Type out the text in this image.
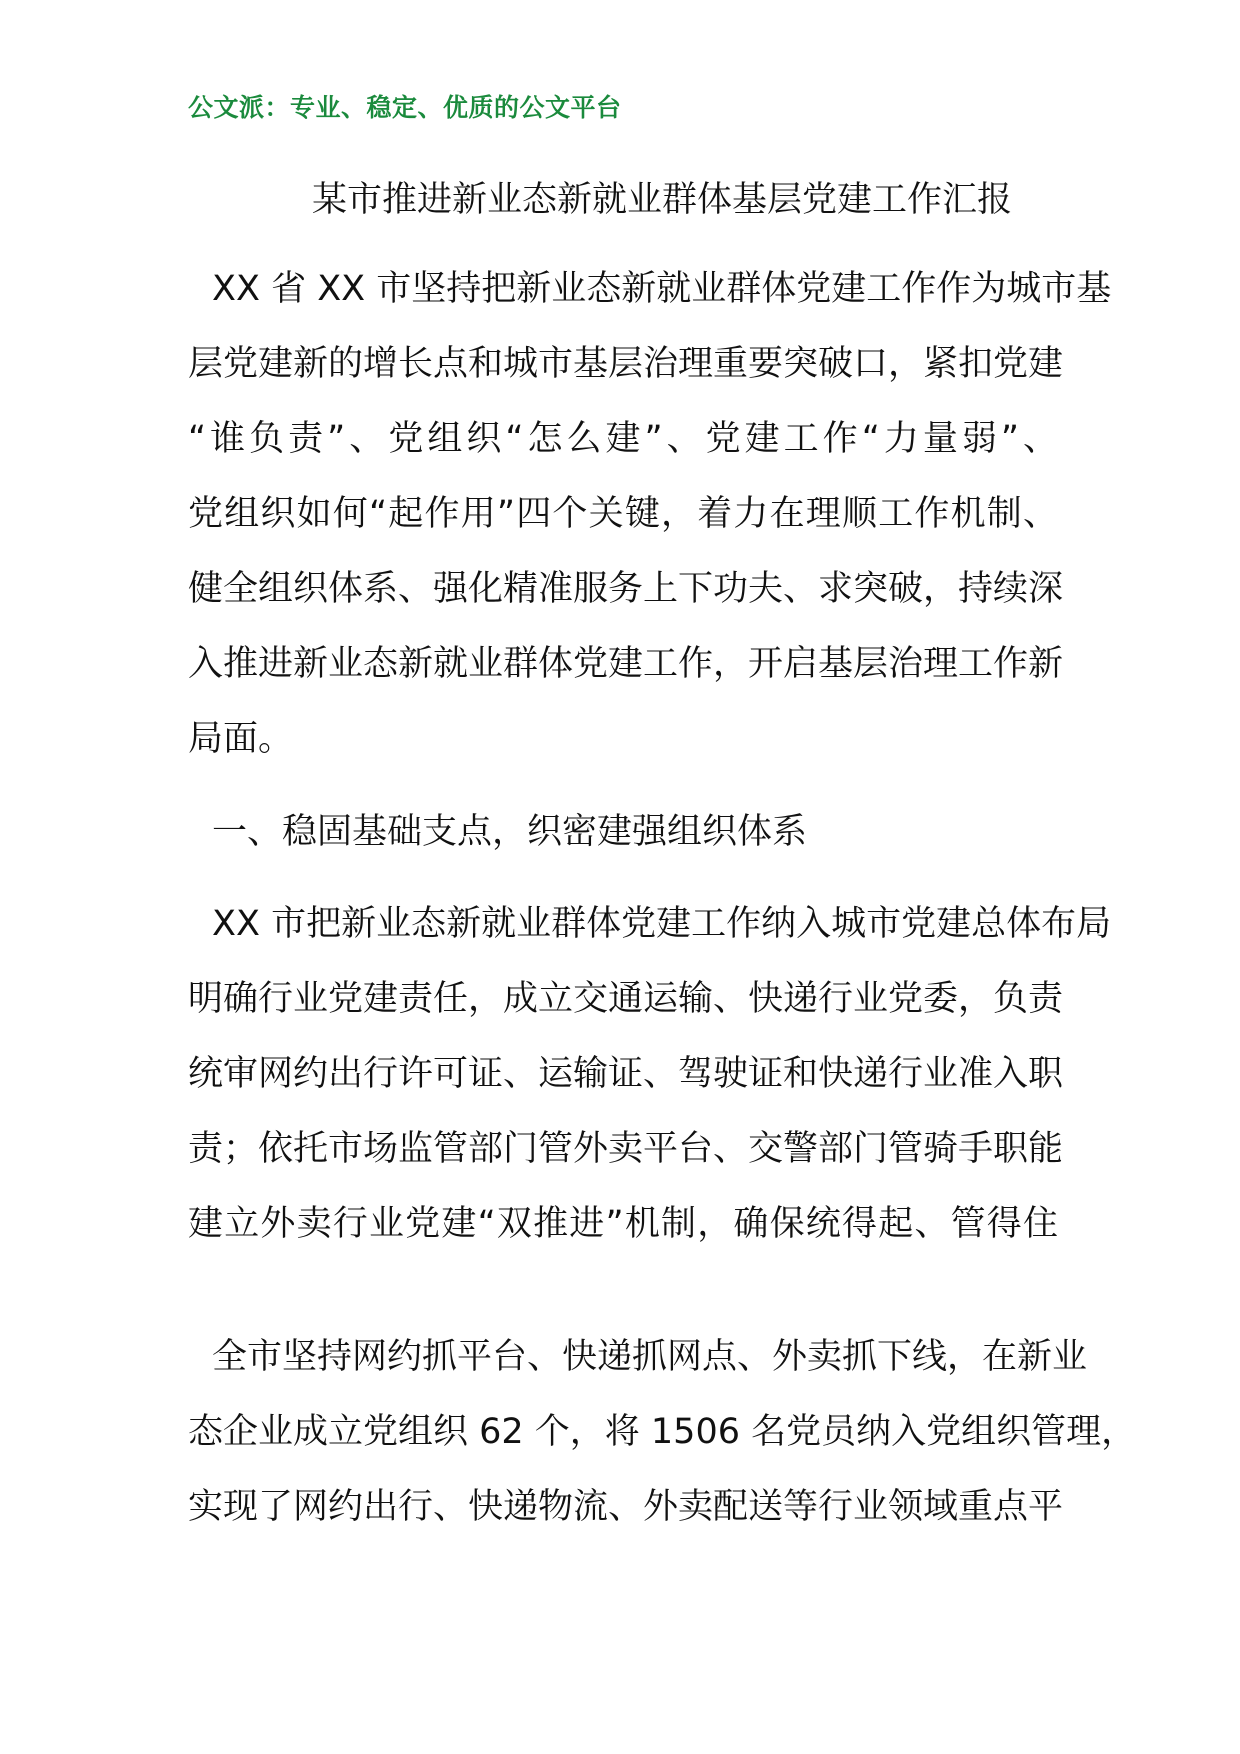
公文派：专业、稳定、优质的公文平台
某市推进新业态新就业群体基层党建工作汇报
XX 省 XX 市坚持把新业态新就业群体党建工作作为城市基
层党建新的增长点和城市基层治理重要突破口，紧扣党建
“谁负责”、党组织“怎么建”、党建工作“力量弱”、
党组织如何“起作用”四个关键，着力在理顺工作机制、
健全组织体系、强化精准服务上下功夫、求突破，持续深
入推进新业态新就业群体党建工作，开启基层治理工作新
局面。
一、稳固基础支点，织密建强组织体系
XX 市把新业态新就业群体党建工作纳入城市党建总体布局
明确行业党建责任，成立交通运输、快递行业党委，负责
统审网约出行许可证、运输证、驾驶证和快递行业准入职
责；依托市场监管部门管外卖平台、交警部门管骑手职能
建立外卖行业党建“双推进”机制，确保统得起、管得住
全市坚持网约抓平台、快递抓网点、外卖抓下线，在新业
态企业成立党组织 62 个，将 1506 名党员纳入党组织管理，
实现了网约出行、快递物流、外卖配送等行业领域重点平
